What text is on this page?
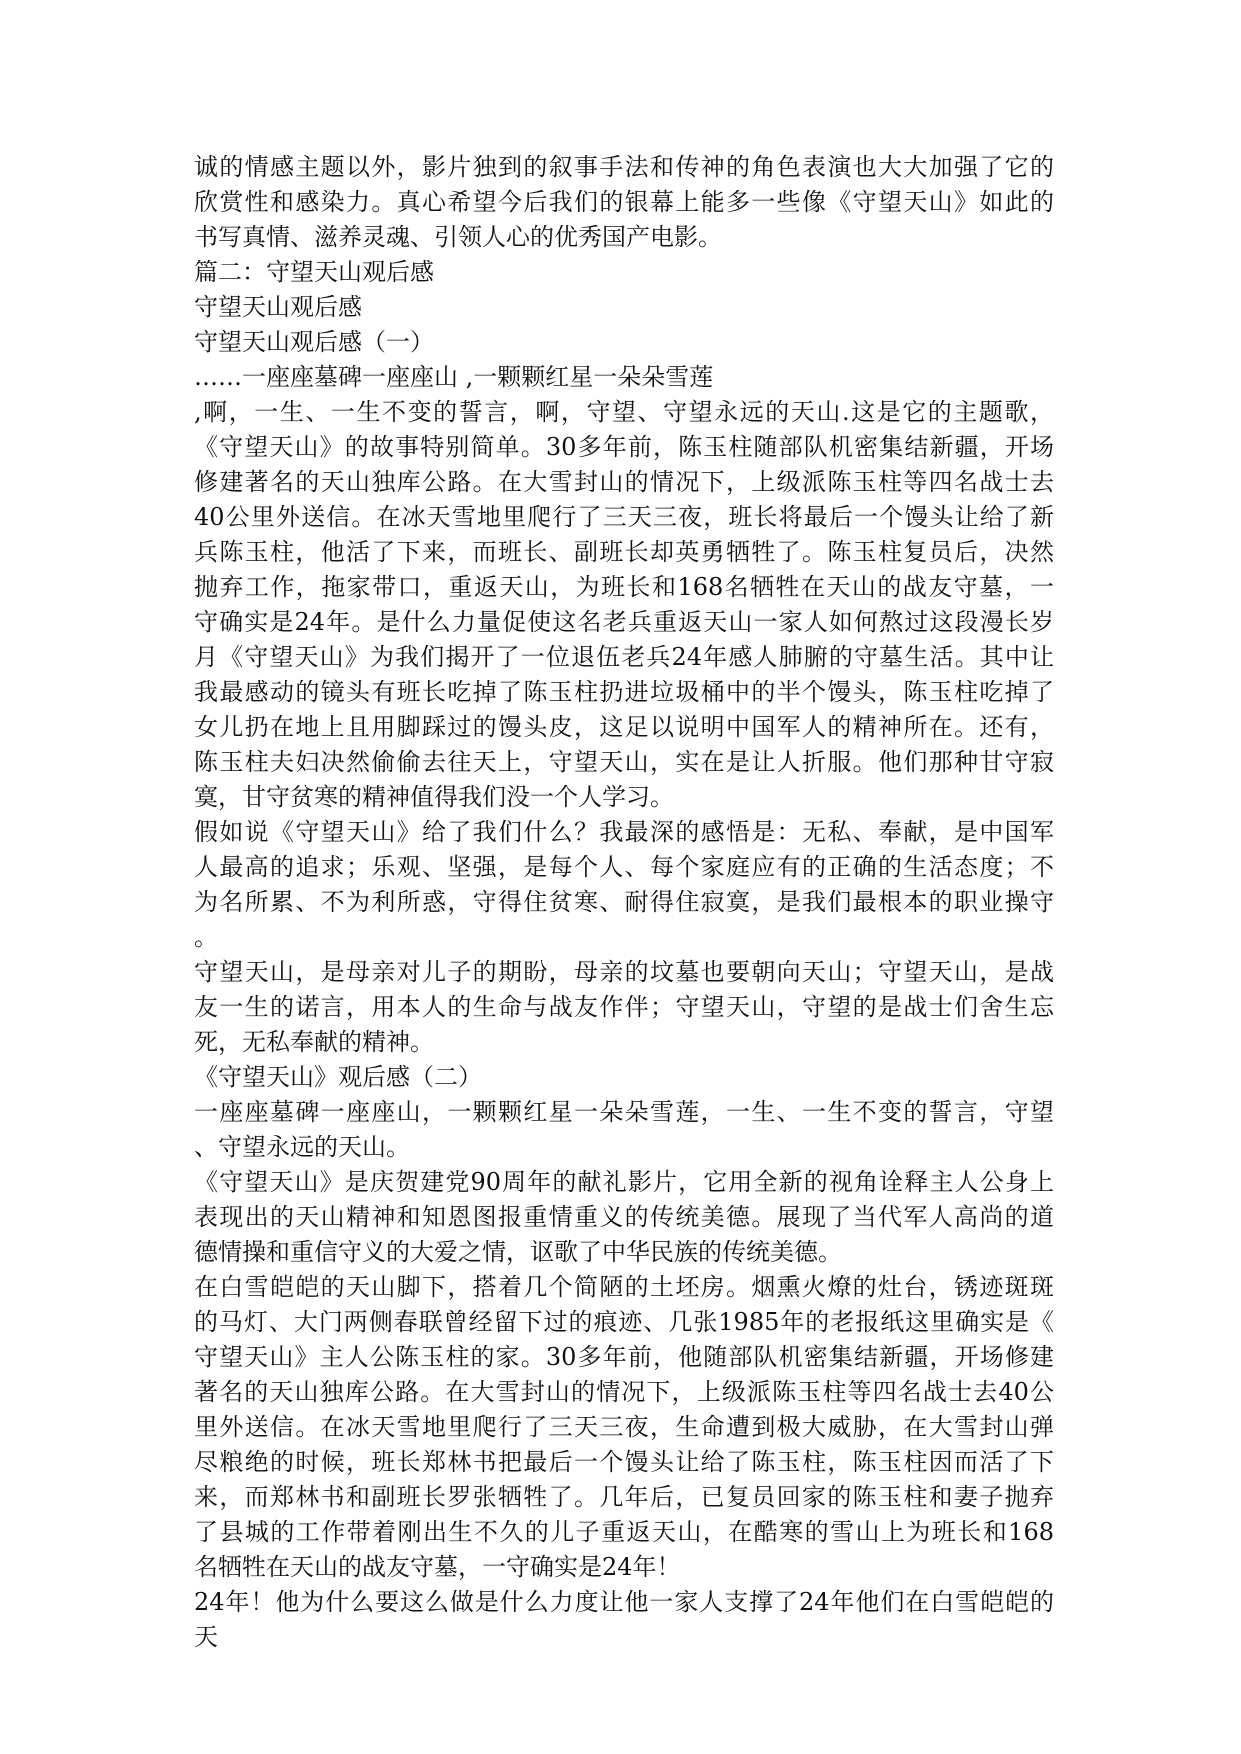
诚的情感主题以外，影片独到的叙事手法和传神的角色表演也大大加强了它的
欣赏性和感染力。真心希望今后我们的银幕上能多一些像《守望天山》如此的
书写真情、滋养灵魂、引领人心的优秀国产电影。
篇二：守望天山观后感
守望天山观后感
守望天山观后感（一）
……一座座墓碑一座座山 ,一颗颗红星一朵朵雪莲
,啊，一生、一生不变的誓言，啊，守望、守望永远的天山.这是它的主题歌，
《守望天山》的故事特别简单。30多年前，陈玉柱随部队机密集结新疆，开场
修建著名的天山独库公路。在大雪封山的情况下，上级派陈玉柱等四名战士去
40公里外送信。在冰天雪地里爬行了三天三夜，班长将最后一个馒头让给了新
兵陈玉柱，他活了下来，而班长、副班长却英勇牺牲了。陈玉柱复员后，决然
抛弃工作，拖家带口，重返天山，为班长和168名牺牲在天山的战友守墓，一
守确实是24年。是什么力量促使这名老兵重返天山一家人如何熬过这段漫长岁
月《守望天山》为我们揭开了一位退伍老兵24年感人肺腑的守墓生活。其中让
我最感动的镜头有班长吃掉了陈玉柱扔进垃圾桶中的半个馒头，陈玉柱吃掉了
女儿扔在地上且用脚踩过的馒头皮，这足以说明中国军人的精神所在。还有，
陈玉柱夫妇决然偷偷去往天上，守望天山，实在是让人折服。他们那种甘守寂
寞，甘守贫寒的精神值得我们没一个人学习。
假如说《守望天山》给了我们什么？我最深的感悟是：无私、奉献，是中国军
人最高的追求；乐观、坚强，是每个人、每个家庭应有的正确的生活态度；不
为名所累、不为利所惑，守得住贫寒、耐得住寂寞，是我们最根本的职业操守
。
守望天山，是母亲对儿子的期盼，母亲的坟墓也要朝向天山；守望天山，是战
友一生的诺言，用本人的生命与战友作伴；守望天山，守望的是战士们舍生忘
死，无私奉献的精神。
《守望天山》观后感（二）
一座座墓碑一座座山，一颗颗红星一朵朵雪莲，一生、一生不变的誓言，守望
、守望永远的天山。
《守望天山》是庆贺建党90周年的献礼影片，它用全新的视角诠释主人公身上
表现出的天山精神和知恩图报重情重义的传统美德。展现了当代军人高尚的道
德情操和重信守义的大爱之情，讴歌了中华民族的传统美德。
在白雪皑皑的天山脚下，搭着几个简陋的土坯房。烟熏火燎的灶台，锈迹斑斑
的马灯、大门两侧春联曾经留下过的痕迹、几张1985年的老报纸这里确实是《
守望天山》主人公陈玉柱的家。30多年前，他随部队机密集结新疆，开场修建
著名的天山独库公路。在大雪封山的情况下，上级派陈玉柱等四名战士去40公
里外送信。在冰天雪地里爬行了三天三夜，生命遭到极大威胁，在大雪封山弹
尽粮绝的时候，班长郑林书把最后一个馒头让给了陈玉柱，陈玉柱因而活了下
来，而郑林书和副班长罗张牺牲了。几年后，已复员回家的陈玉柱和妻子抛弃
了县城的工作带着刚出生不久的儿子重返天山，在酷寒的雪山上为班长和168
名牺牲在天山的战友守墓，一守确实是24年！
24年！他为什么要这么做是什么力度让他一家人支撑了24年他们在白雪皑皑的
天
